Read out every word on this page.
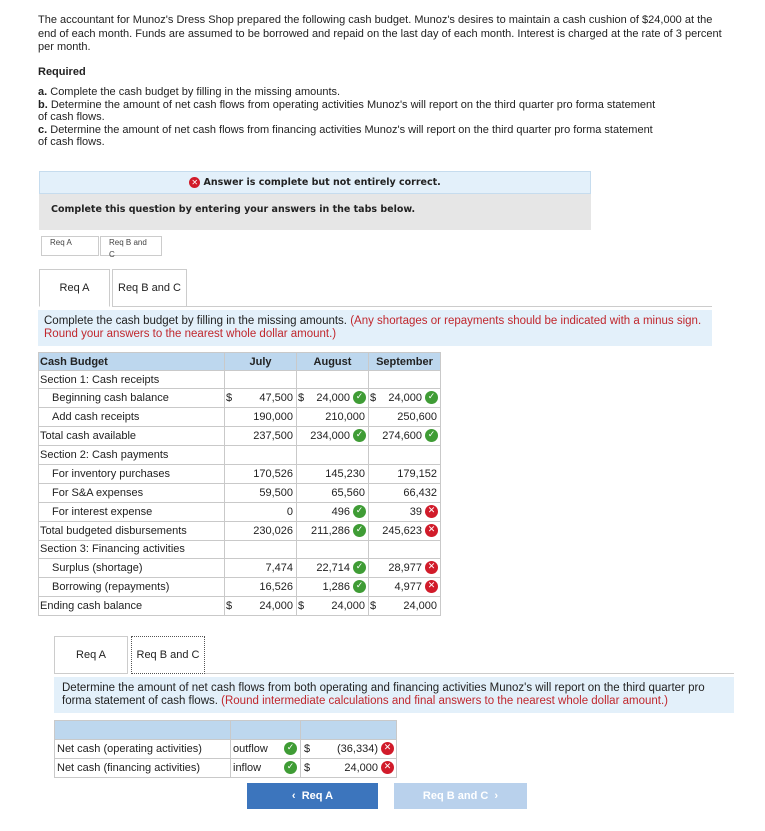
The accountant for Munoz's Dress Shop prepared the following cash budget. Munoz's desires to maintain a cash cushion of $24,000 at the end of each month. Funds are assumed to be borrowed and repaid on the last day of each month. Interest is charged at the rate of 3 percent per month.
Required
a. Complete the cash budget by filling in the missing amounts.
b. Determine the amount of net cash flows from operating activities Munoz's will report on the third quarter pro forma statement of cash flows.
c. Determine the amount of net cash flows from financing activities Munoz's will report on the third quarter pro forma statement of cash flows.
✕ Answer is complete but not entirely correct.
Complete this question by entering your answers in the tabs below.
Req A	Req B and C
Req A	Req B and C
Complete the cash budget by filling in the missing amounts. (Any shortages or repayments should be indicated with a minus sign. Round your answers to the nearest whole dollar amount.)
Cash Budget	July	August	September
Section 1: Cash receipts			
Beginning cash balance	$ 47,500	$ 24,000 ✓	$ 24,000 ✓

Add cash receipts	190,000	210,000	250,600

Total cash available	237,500	234,000 ✓	274,600 ✓

Section 2: Cash payments			
For inventory purchases	170,526	145,230	179,152

For S&A expenses	59,500	65,560	66,432

For interest expense	0	496 ✓	39 ✕

Total budgeted disbursements	230,026	211,286 ✓	245,623 ✕

Section 3: Financing activities			
Surplus (shortage)	7,474	22,714 ✓	28,977 ✕

Borrowing (repayments)	16,526	1,286 ✓	4,977 ✕

Ending cash balance	$ 24,000	$ 24,000	$ 24,000
Req A	Req B and C
Determine the amount of net cash flows from both operating and financing activities Munoz's will report on the third quarter pro forma statement of cash flows. (Round intermediate calculations and final answers to the nearest whole dollar amount.)

Net cash (operating activities)	outflow	✓ $ (36,334) ✕

Net cash (financing activities)	inflow	✓ $ 24,000 ✕
‹ Req A	Req B and C ›
